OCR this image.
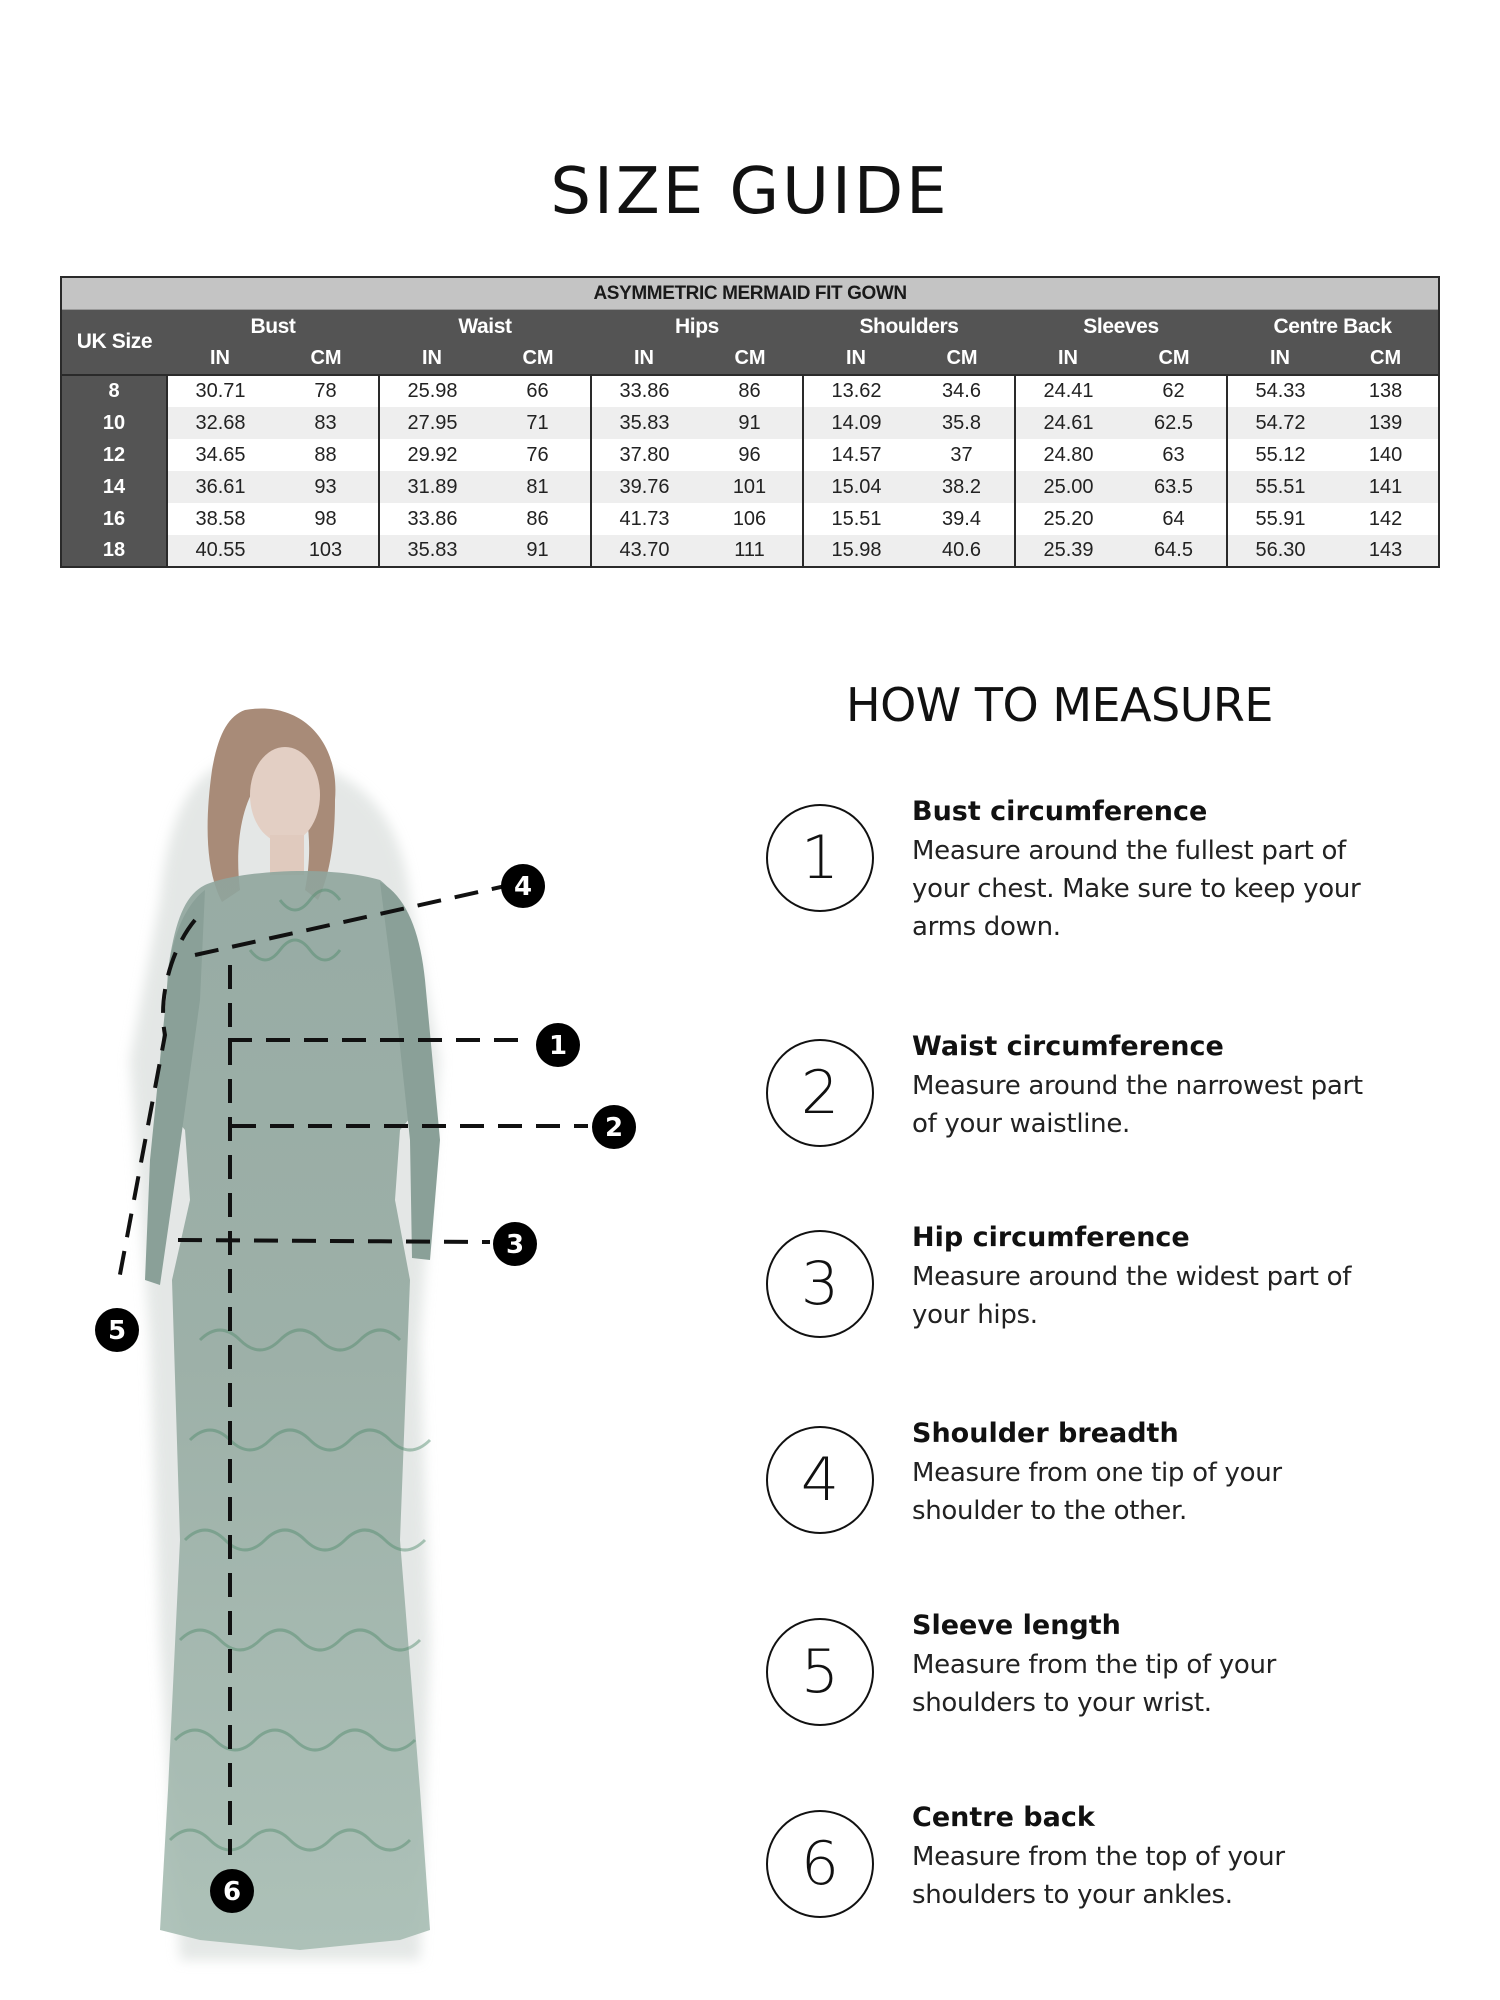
SIZE GUIDE
ASYMMETRIC MERMAID FIT GOWN												
UK Size	Bust		Waist		Hips		Shoulders		Sleeves		Centre Back	
	IN	CM	IN	CM	IN	CM	IN	CM	IN	CM	IN	CM
8	30.71	78	25.98	66	33.86	86	13.62	34.6	24.41	62	54.33	138
10	32.68	83	27.95	71	35.83	91	14.09	35.8	24.61	62.5	54.72	139
12	34.65	88	29.92	76	37.80	96	14.57	37	24.80	63	55.12	140
14	36.61	93	31.89	81	39.76	101	15.04	38.2	25.00	63.5	55.51	141
16	38.58	98	33.86	86	41.73	106	15.51	39.4	25.20	64	55.91	142
18	40.55	103	35.83	91	43.70	111	15.98	40.6	25.39	64.5	56.30	143
4
1
2
3
5
6
HOW TO MEASURE
1
Bust circumference
Measure around the fullest part of your chest. Make sure to keep your arms down.
2
Waist circumference
Measure around the narrowest part of your waistline.
3
Hip circumference
Measure around the widest part of your hips.
4
Shoulder breadth
Measure from one tip of your shoulder to the other.
5
Sleeve length
Measure from the tip of your shoulders to your wrist.
6
Centre back
Measure from the top of your shoulders to your ankles.
